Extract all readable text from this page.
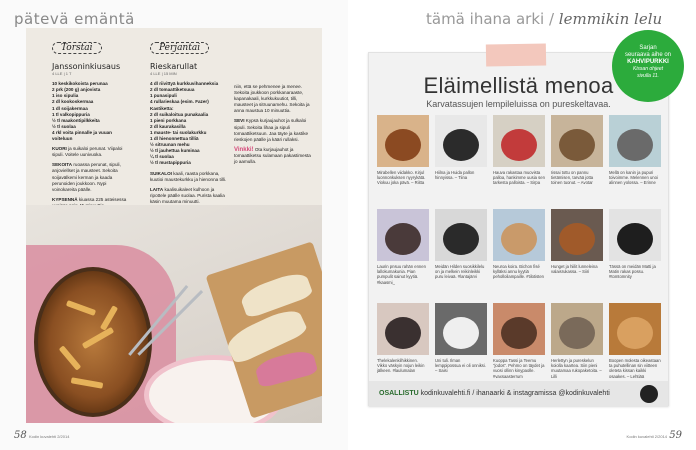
pätevä emäntä
Torstai
Janssoninkiusaus
4 LLE | 1 T
10 keskikokoista perunaa
2 prk (200 g) anjovista
1 iso sipulia
2 dl kookoskermaa
1 dl soijakermaa
1 tl valkopippuria
½ tl maakontipilkkeita
½ tl suolaa
4 rkl voita pinnalle ja vuuan voiteluun
KUORI ja suikaloi perunat. Viipaloi sipuli. Voitele uunivuoka.
SEKOITA ruoassa perunat, sipuli, anjoviellset ja mausteet. Sekoita soijavälkemi kerman ja kaada perunoiden joukkoon. Nypi voinokareita päälle.
KYPSENNÄ kiuassa 225 asteisessa
Perjantai
Rieskarullat
4 LLE | 15 MIN
4 dl riivittyä kurkkuvihanneksia
2 dl tomaattiketsuua
1 punasipuli
4 rullarieskaa (esim. Fazer)
Kastiketta:
2 dl suikaloitua punakaalia
1 pieni porkkana
2 dl kaurakasilla
1 mauste- tai suolakurkku
1 dl hienonnettua tilliä
½ sitruunan mehu
½ tl jauhettua kuminaa
¼ tl suolaa
½ tl mustapippuria
SUIKALOI kaali, raasta porkkana, kuutioi maustekurkku ja hienonna tilli.
LAITA kaalisuikaleet kulhoon ja ripottele päälle suolaa. Purista kaalia käsin muutama minuutti.
niin, että se pehmenee ja menee. Sekoita joukkoon porkkanaraaste, kapanakaali, kurkkukuutiot, tilli, mausteet ja sitruunamehu. Sekoita ja anna maustua 10 minuuttia.
SEVI Kypsä kurjaujauhot ja sulkaloi sipuli. Sekoita lihaa ja sipuli tomaattiketsuun. Jaa täyte ja kastike rieskojen päälle ja kääri rullaksi.
Vinkki! Ota kurjaujauhot ja tomaattiketsu sulamaan pakastimesta jo aamulla.
58 Kodin kuvalehti 2/2014
tämä ihana arki / lemmikin lelu
Eläimellistä menoa
Karvatassujen lempileluissa on pureskeltavaa.
Mirabellen viidakko. Kirjul luonnonkuksen nyyrykätä. Viokuu joka pävä. – Riitta
Hiilna ja Huida pallon hinnyissa. – Tiina
Hauva rakastaa muovista palloa, hankimme uusia sen tarkesta palloista. – Sirpa
Iissai tottu on pannu tietämisen, tarvää jotta toinen tuonut. – Avotar
Mellä on kanin ja pupuri toivoimme. Melennen unoi alinnen yolossa. – Erinne
Laurin pnsuu rahän ennen lallokumakunia. Pian pumpulit sainut kyytiä. #kaasmi_
Meidän Hilden suosikkilelu on ja melkein reikinleikki puru leivaä. #lantajärvi
Neuroa koira. Bichon fisé kylläksi annu kyytiä peholloilampaille. #tilotisten
Hunget ja hiilit lunneleina valaisrukassa. – Siiri
Tässä on meidän Matti ja Matin rakas possu. #tomtomnity
Thelekalenkilhikkinen. Vikko väskyin nojun leikin jälkeen. #laulumalan
Uni tuli. Ilman lemppipossua ei oli onniksi. – Saisi
Kuoppa Tassi ja Teemu "jodos". Pehmo on täydet ja vuosi ollinn kinypaolle. #vaxsaasterrum
Herlettyn ja pureskelun koiolla kaartea. Siin pieni muutamaa rukopaketoita. – Lilli
Boopen molesta oikeastaan ta puhutellinan sin viitteen oleteta kissan kaikki osaakes. – Lehtiää
OSALLISTU kodinkuvalehti.fi / ihanaarki & instagramissa @kodinkuvalehti
Sarjan
seuraava aihe on
KAHVIPURKKI
Kissan ohjeet
sivulla 11.
Kodin kuvalehti 2/2014 59
